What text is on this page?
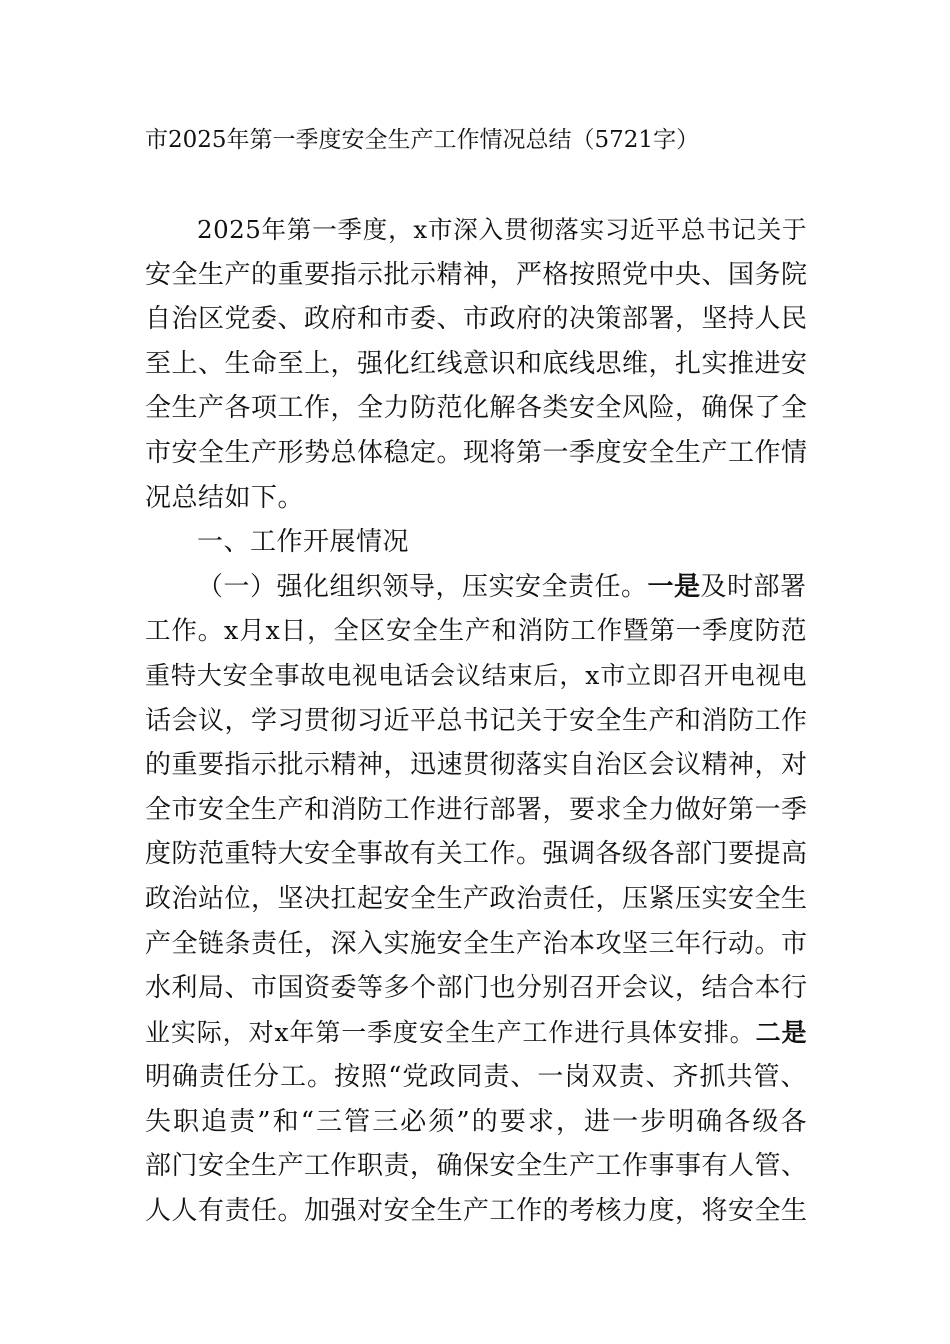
市2025年第一季度安全生产工作情况总结（5721字）
2025年第一季度，x市深入贯彻落实习近平总书记关于
安全生产的重要指示批示精神，严格按照党中央、国务院
自治区党委、政府和市委、市政府的决策部署，坚持人民
至上、生命至上，强化红线意识和底线思维，扎实推进安
全生产各项工作，全力防范化解各类安全风险，确保了全
市安全生产形势总体稳定。现将第一季度安全生产工作情
况总结如下。
一、工作开展情况
（一）强化组织领导，压实安全责任。一是及时部署
工作。x月x日，全区安全生产和消防工作暨第一季度防范
重特大安全事故电视电话会议结束后，x市立即召开电视电
话会议，学习贯彻习近平总书记关于安全生产和消防工作
的重要指示批示精神，迅速贯彻落实自治区会议精神，对
全市安全生产和消防工作进行部署，要求全力做好第一季
度防范重特大安全事故有关工作。强调各级各部门要提高
政治站位，坚决扛起安全生产政治责任，压紧压实安全生
产全链条责任，深入实施安全生产治本攻坚三年行动。市
水利局、市国资委等多个部门也分别召开会议，结合本行
业实际，对x年第一季度安全生产工作进行具体安排。二是
明确责任分工。按照“党政同责、一岗双责、齐抓共管、
失职追责”和“三管三必须”的要求，进一步明确各级各
部门安全生产工作职责，确保安全生产工作事事有人管、
人人有责任。加强对安全生产工作的考核力度，将安全生
